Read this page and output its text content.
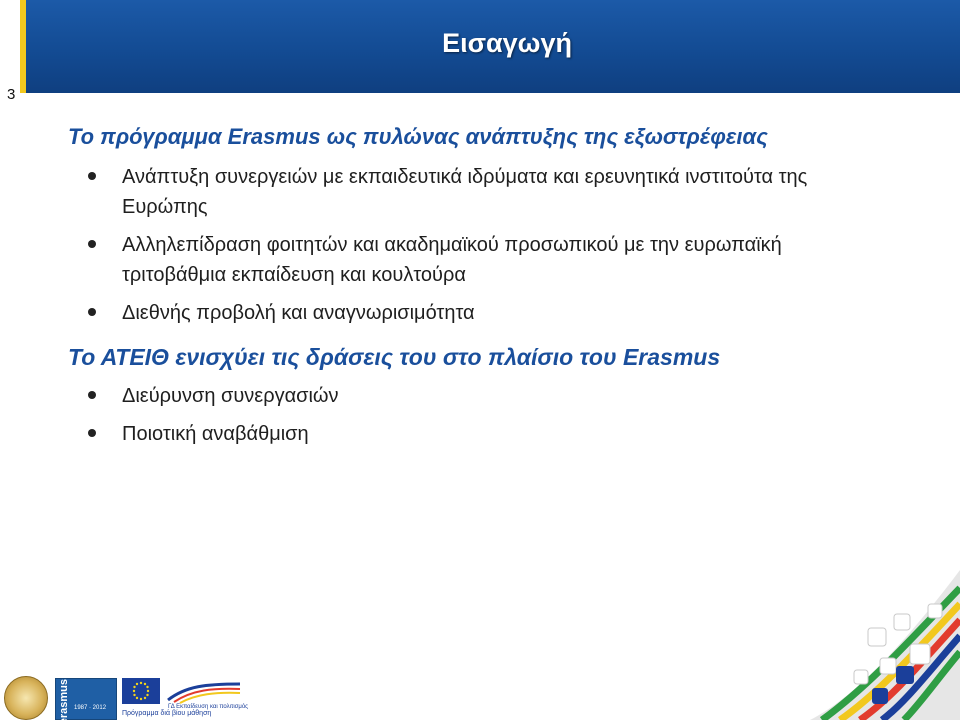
Εισαγωγή
3
Το πρόγραμμα Erasmus ως πυλώνας ανάπτυξης της εξωστρέφειας
Ανάπτυξη συνεργειών με εκπαιδευτικά ιδρύματα και ερευνητικά ινστιτούτα της Ευρώπης
Αλληλεπίδραση φοιτητών και ακαδημαϊκού προσωπικού με την ευρωπαϊκή τριτοβάθμια εκπαίδευση και κουλτούρα
Διεθνής προβολή και αναγνωρισιμότητα
Το ΑΤΕΙΘ ενισχύει τις δράσεις του στο πλαίσιο του Erasmus
Διεύρυνση συνεργασιών
Ποιοτική αναβάθμιση
erasmus 1987 · 2012	ΓΔ Εκπαίδευση και πολιτισμός
Πρόγραμμα διά βίου μάθηση
